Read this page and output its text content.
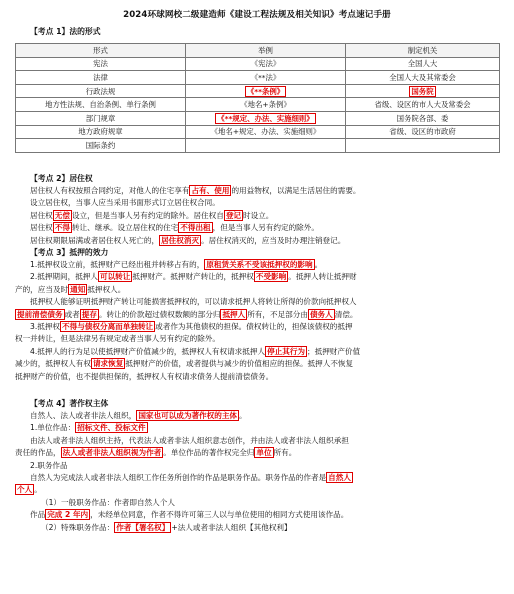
2024环球网校二级建造师《建设工程法规及相关知识》考点速记手册
【考点 1】法的形式
形式	举例	制定机关
宪法	《宪法》	全国人大
法律	《**法》	全国人大及其常委会
行政法规	《**条例》	国务院
地方性法规、自治条例、单行条例	《地名+条例》	省级、设区的市人大及常委会
部门规章	《**规定、办法、实施细则》	国务院各部、委
地方政府规章	《地名+规定、办法、实施细则》	省级、设区的市政府
国际条约		
【考点 2】居住权
居住权人有权按照合同约定，对他人的住宅享有 占有、使用 的用益物权，以满足生活居住的需要。
设立居住权，当事人应当采用书面形式订立居住权合同。
居住权 无偿 设立，但是当事人另有约定的除外。居住权自 登记 时设立。
居住权 不得 转让、继承。设立居住权的住宅 不得出租 ，但是当事人另有约定的除外。
居住权期限届满或者居住权人死亡的， 居住权消灭 。居住权消灭的，应当及时办理注销登记。
【考点 3】抵押的效力
1.抵押权设立前，抵押财产已经出租并转移占有的， 原租赁关系不受该抵押权的影响 。
2.抵押期间，抵押人 可以转让 抵押财产。抵押财产转让的，抵押权 不受影响 。抵押人转让抵押财
产的，应当及时 通知 抵押权人。
抵押权人能够证明抵押财产转让可能损害抵押权的，可以请求抵押人将转让所得的价款向抵押权人
提前清偿债务 或者 提存 。转让的价款超过债权数额的部分归 抵押人 所有，不足部分由 债务人 清偿。
3.抵押权 不得与债权分离而单独转让 或者作为其他债权的担保。债权转让的，担保该债权的抵押
权一并转让，但是法律另有规定或者当事人另有约定的除外。
4.抵押人的行为足以使抵押财产价值减少的，抵押权人有权请求抵押人 停止其行为 ；抵押财产价值
减少的，抵押权人有权 请求恢复 抵押财产的价值，或者提供与减少的价值相应的担保。抵押人不恢复
抵押财产的价值，也不提供担保的，抵押权人有权请求债务人提前清偿债务。
【考点 4】著作权主体
自然人、法人或者非法人组织， 国家也可以成为著作权的主体 。
1.单位作品： 招标文件、投标文件
由法人或者非法人组织主持，代表法人或者非法人组织意志创作，并由法人或者非法人组织承担
责任的作品， 法人或者非法人组织视为作者 。单位作品的著作权完全归 单位 所有。
2.职务作品
自然人为完成法人或者非法人组织工作任务所创作的作品是职务作品。职务作品的作者是 自然人
个人 。
（1）一般职务作品：作者即自然人个人
作品 完成 2 年内 ，未经单位同意，作者不得许可第三人以与单位使用的相同方式使用该作品。
（2）特殊职务作品： 作者【署名权】 +法人或者非法人组织【其他权利】
